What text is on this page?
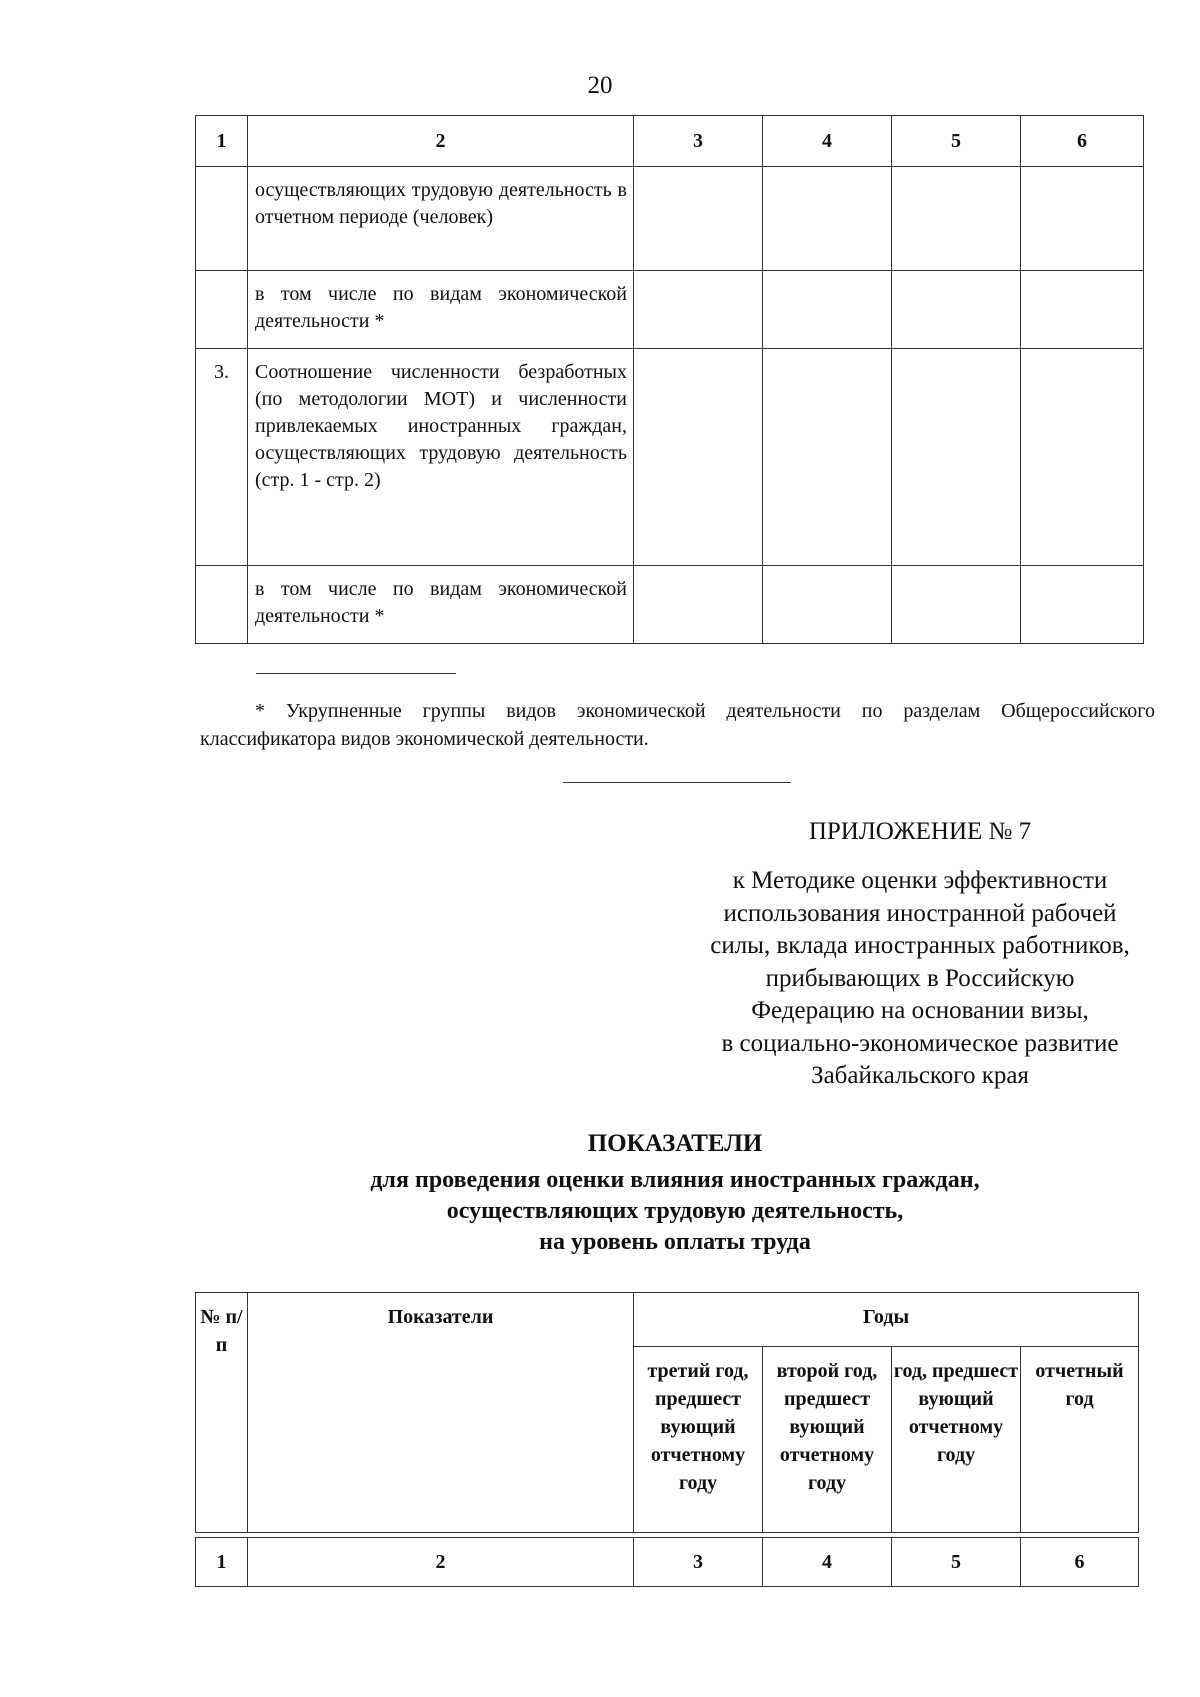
20
1	2	3	4	5	6
	осуществляющих трудовую деятельность в отчетном периоде (человек)				
	в том числе по видам экономической деятельности *				
3.	Соотношение численности безработных (по методологии МОТ) и численности привлекаемых иностранных граждан, осуществляющих трудовую деятельность (стр. 1 - стр. 2)				
	в том числе по видам экономической деятельности *				
* Укрупненные группы видов экономической деятельности по разделам Общероссийского классификатора видов экономической деятельности.
ПРИЛОЖЕНИЕ № 7
к Методике оценки эффективности
использования иностранной рабочей
силы, вклада иностранных работников,
прибывающих в Российскую
Федерацию на основании визы,
в социально-экономическое развитие
Забайкальского края
ПОКАЗАТЕЛИ
для проведения оценки влияния иностранных граждан,
осуществляющих трудовую деятельность,
на уровень оплаты труда
№ п/п	Показатели	Годы			
		третий год, предшест вующий отчетному году	второй год, предшест вующий отчетному году	год, предшест вующий отчетному году	отчетный год
1	2	3	4	5	6
